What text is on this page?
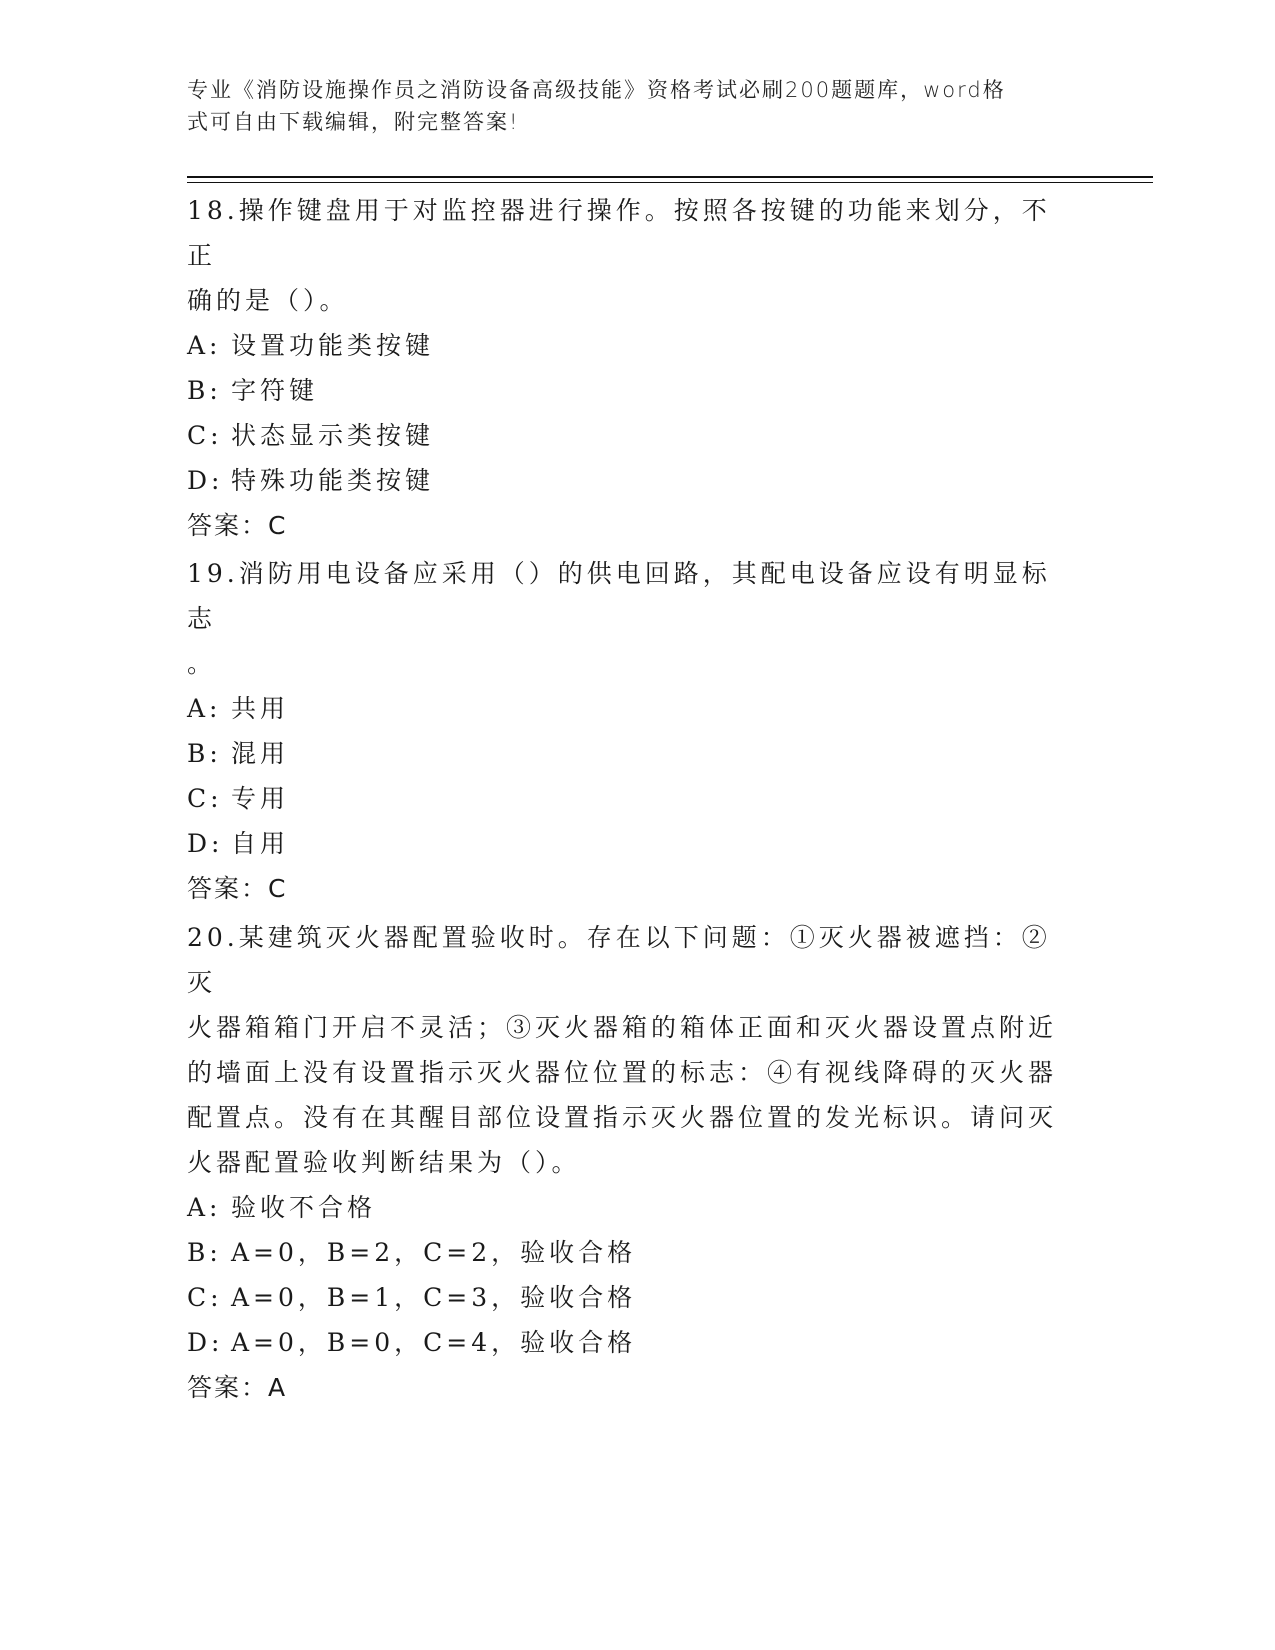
专业《消防设施操作员之消防设备高级技能》资格考试必刷200题题库，word格
式可自由下载编辑，附完整答案!

18.操作键盘用于对监控器进行操作。按照各按键的功能来划分，不正

确的是（）。

A: 设置功能类按键

B: 字符键

C: 状态显示类按键

D: 特殊功能类按键

答案：C

19.消防用电设备应采用（）的供电回路，其配电设备应设有明显标志

。

A: 共用

B: 混用

C: 专用

D: 自用

答案：C

20.某建筑灭火器配置验收时。存在以下问题：①灭火器被遮挡：②灭

火器箱箱门开启不灵活；③灭火器箱的箱体正面和灭火器设置点附近

的墙面上没有设置指示灭火器位位置的标志：④有视线降碍的灭火器

配置点。没有在其醒目部位设置指示灭火器位置的发光标识。请问灭

火器配置验收判断结果为（）。

A: 验收不合格

B: A=0，B=2，C=2，验收合格

C: A=0，B=1，C=3，验收合格

D: A=0，B=0，C=4，验收合格

答案：A
